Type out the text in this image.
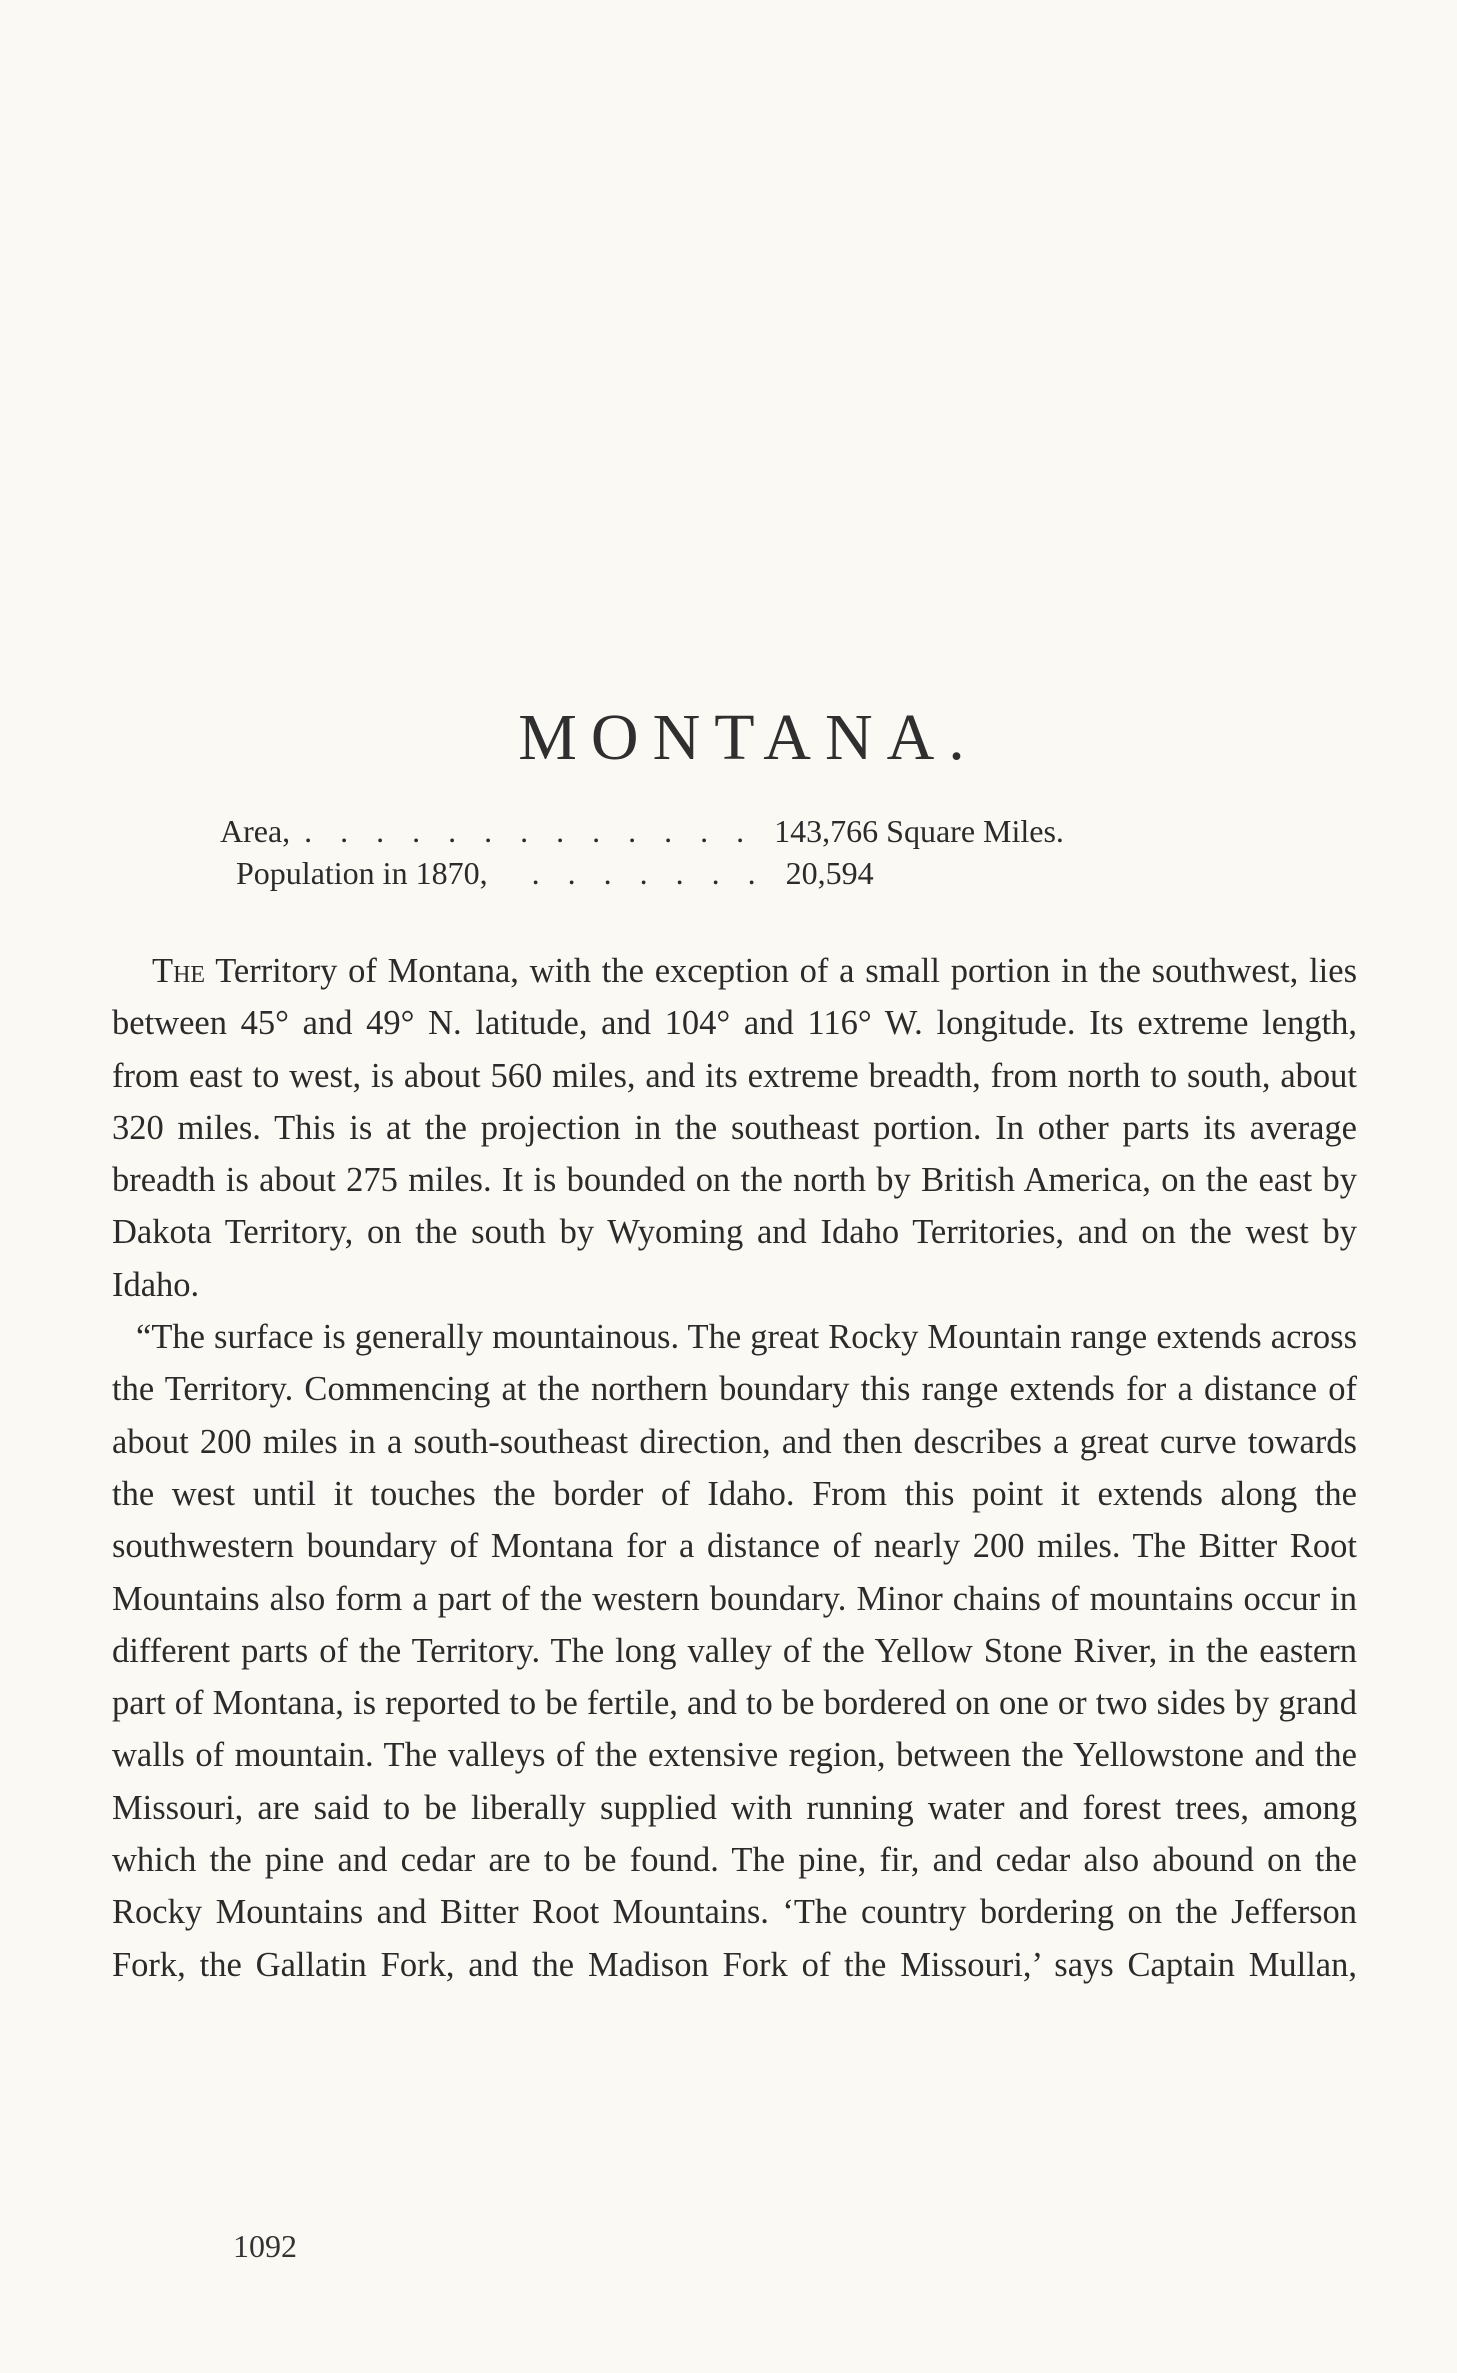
MONTANA.
Area, . . . . . . . . . . . . . 143,766 Square Miles.
Population in 1870, . . . . . . . 20,594

The Territory of Montana, with the exception of a small portion in the southwest, lies between 45° and 49° N. latitude, and 104° and 116° W. longitude. Its extreme length, from east to west, is about 560 miles, and its extreme breadth, from north to south, about 320 miles. This is at the projection in the southeast portion. In other parts its average breadth is about 275 miles. It is bounded on the north by British America, on the east by Dakota Territory, on the south by Wyoming and Idaho Territories, and on the west by Idaho.

“The surface is generally mountainous. The great Rocky Mountain range extends across the Territory. Commencing at the northern boundary this range extends for a distance of about 200 miles in a south-southeast direction, and then describes a great curve towards the west until it touches the border of Idaho. From this point it extends along the southwestern boundary of Montana for a distance of nearly 200 miles. The Bitter Root Mountains also form a part of the western boundary. Minor chains of mountains occur in different parts of the Territory. The long valley of the Yellow Stone River, in the eastern part of Montana, is reported to be fertile, and to be bordered on one or two sides by grand walls of mountain. The valleys of the extensive region, between the Yellowstone and the Missouri, are said to be liberally supplied with running water and forest trees, among which the pine and cedar are to be found. The pine, fir, and cedar also abound on the Rocky Mountains and Bitter Root Mountains. ‘The country bordering on the Jefferson Fork, the Gallatin Fork, and the Madison Fork of the Missouri,’ says Captain Mullan,

1092
